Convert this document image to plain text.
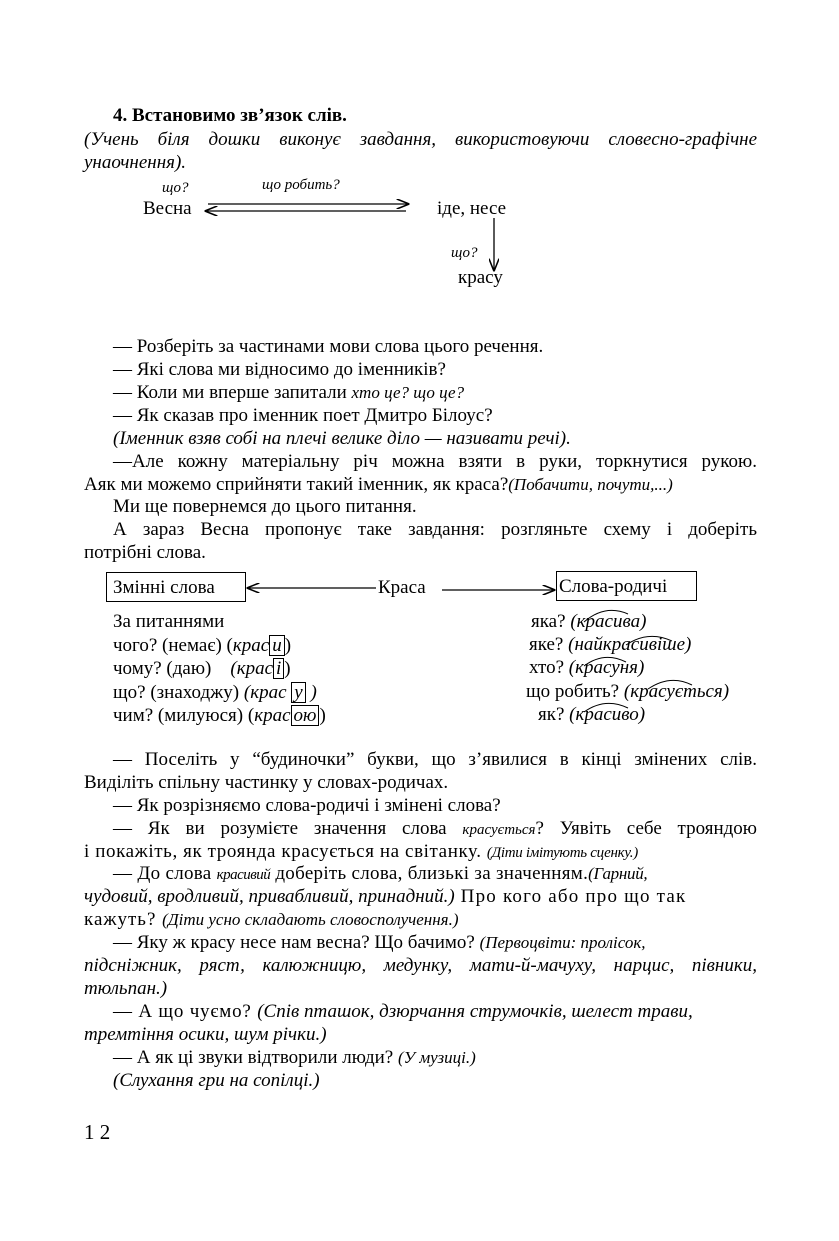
4. Встановимо зв’язок слів.
(Учень біля дошки виконує завдання, використовуючи словесно-графічне
унаочнення).
що?	що робить?
Весна	іде, несе
що?
красу
— Розберіть за частинами мови слова цього речення.
— Які слова ми відносимо до іменників?
— Коли ми вперше запитали хто це? що це?
— Як сказав про іменник поет Дмитро Білоус?
(Іменник взяв собі на плечі велике діло — називати речі).
—Але кожну матеріальну річ можна взяти в руки, торкнутися рукою.
Аяк ми можемо сприйняти такий іменник, як краса?(Побачити, почути,...)
Ми ще повернемся до цього питання.
А зараз Весна пропонує таке завдання: розгляньте схему і доберіть
потрібні слова.
Змінні слова	Краса	Слова-родичі
За питаннями
чого? (немає) (крас и )
чому? (даю) (крас і )
що? (знаходжу) (крас у )
чим? (милуюся) (крас ою )
яка? (красива)
яке? (найкрасивіше)
хто? (красуня)
що робить? (красується)
як? (красиво)
— Поселіть у “будиночки” букви, що з’явилися в кінці змінених слів.
Виділіть спільну частинку у словах-родичах.
— Як розрізняємо слова-родичі і змінені слова?
— Як ви розумієте значення слова красується? Уявіть себе трояндою
і покажіть, як троянда красується на світанку. (Діти імітують сценку.)
— До слова красивий доберіть слова, близькі за значенням.(Гарний,
чудовий, вродливий, привабливий, принадний.) Про кого або про що так
кажуть? (Діти усно складають словосполучення.)
— Яку ж красу несе нам весна? Що бачимо? (Первоцвіти: пролісок,
підсніжник, ряст, калюжницю, медунку, мати-й-мачуху, нарцис, півники,
тюльпан.)
— А що чуємо? (Спів пташок, дзюрчання струмочків, шелест трави,
тремтіння осики, шум річки.)
— А як ці звуки відтворили люди? (У музиці.)
(Слухання гри на сопілці.)
1 2
